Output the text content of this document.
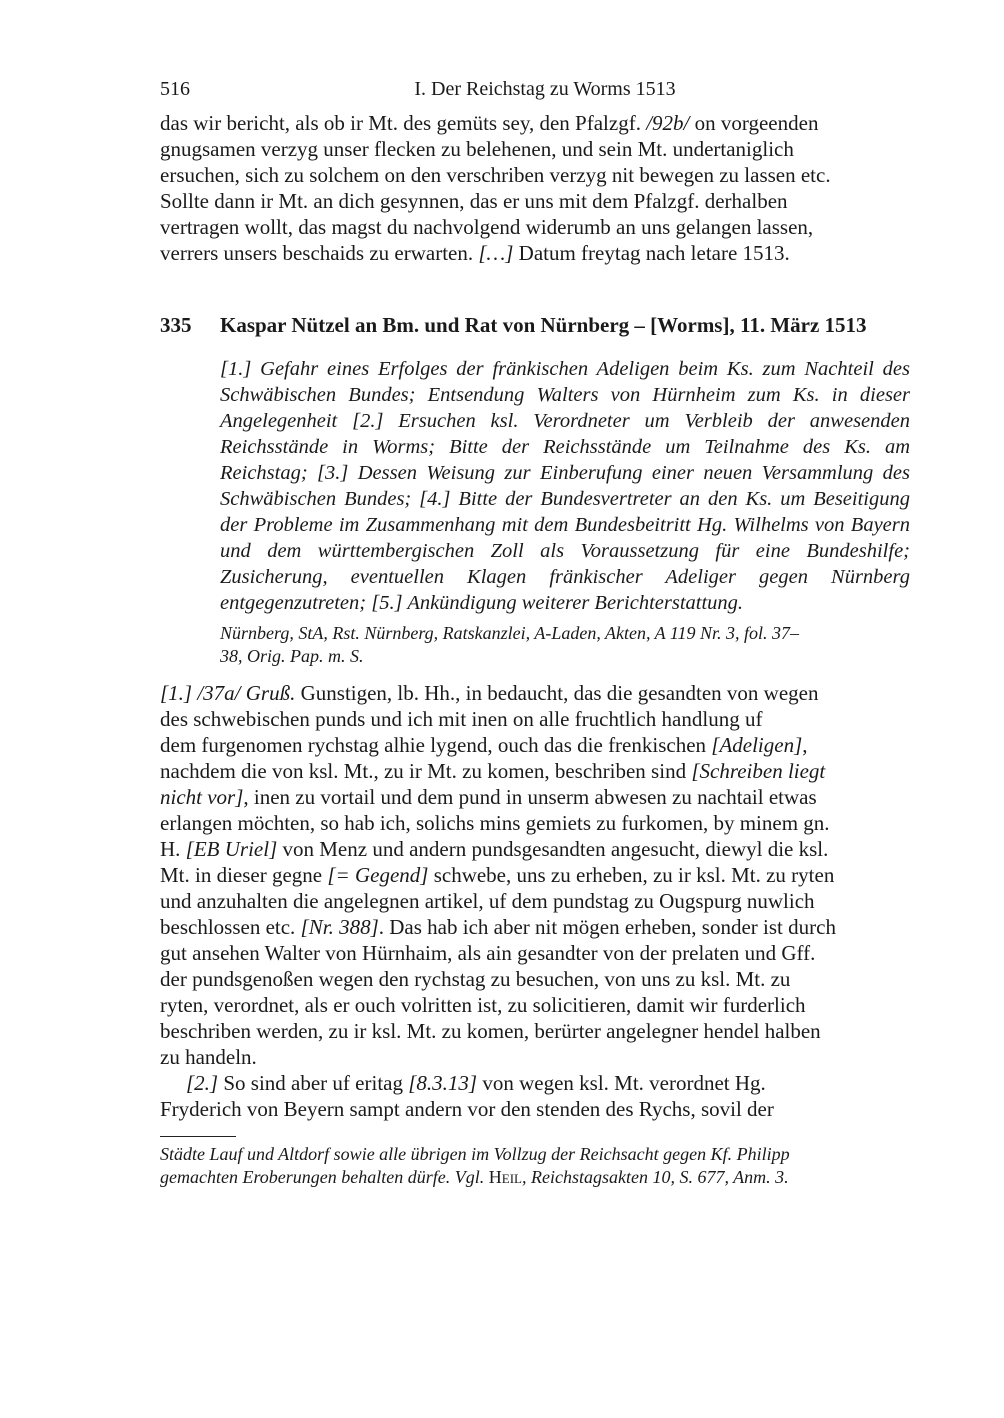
516	I. Der Reichstag zu Worms 1513

das wir bericht, als ob ir Mt. des gemüts sey, den Pfalzgf. /92b/ on vorgeenden
gnugsamen verzyg unser flecken zu belehenen, und sein Mt. undertaniglich
ersuchen, sich zu solchem on den verschriben verzyg nit bewegen zu lassen etc.
Sollte dann ir Mt. an dich gesynnen, das er uns mit dem Pfalzgf. derhalben
vertragen wollt, das magst du nachvolgend widerumb an uns gelangen lassen,
verrers unsers beschaids zu erwarten. […] Datum freytag nach letare 1513.

335	Kaspar Nützel an Bm. und Rat von Nürnberg – [Worms], 11. März 1513
[1.] Gefahr eines Erfolges der fränkischen Adeligen beim Ks. zum Nachteil des Schwäbischen Bundes; Entsendung Walters von Hürnheim zum Ks. in dieser Angelegenheit [2.] Ersuchen ksl. Verordneter um Verbleib der anwesenden Reichsstände in Worms; Bitte der Reichsstände um Teilnahme des Ks. am Reichstag; [3.] Dessen Weisung zur Einberufung einer neuen Versammlung des Schwäbischen Bundes; [4.] Bitte der Bundesvertreter an den Ks. um Beseitigung der Probleme im Zusammenhang mit dem Bundesbeitritt Hg. Wilhelms von Bayern und dem württembergischen Zoll als Voraussetzung für eine Bundeshilfe; Zusicherung, eventuellen Klagen fränkischer Adeliger gegen Nürnberg entgegenzutreten; [5.] Ankündigung weiterer Berichterstattung.
Nürnberg, StA, Rst. Nürnberg, Ratskanzlei, A-Laden, Akten, A 119 Nr. 3, fol. 37–
38, Orig. Pap. m. S.

[1.] /37a/ Gruß. Gunstigen, lb. Hh., in bedaucht, das die gesandten von wegen
des schwebischen punds und ich mit inen on alle fruchtlich handlung uf
dem furgenomen rychstag alhie lygend, ouch das die frenkischen [Adeligen],
nachdem die von ksl. Mt., zu ir Mt. zu komen, beschriben sind [Schreiben liegt
nicht vor], inen zu vortail und dem pund in unserm abwesen zu nachtail etwas
erlangen möchten, so hab ich, solichs mins gemiets zu furkomen, by minem gn.
H. [EB Uriel] von Menz und andern pundsgesandten angesucht, diewyl die ksl.
Mt. in dieser gegne [= Gegend] schwebe, uns zu erheben, zu ir ksl. Mt. zu ryten
und anzuhalten die angelegnen artikel, uf dem pundstag zu Ougspurg nuwlich
beschlossen etc. [Nr. 388]. Das hab ich aber nit mögen erheben, sonder ist durch
gut ansehen Walter von Hürnhaim, als ain gesandter von der prelaten und Gff.
der pundsgenoßen wegen den rychstag zu besuchen, von uns zu ksl. Mt. zu
ryten, verordnet, als er ouch volritten ist, zu solicitieren, damit wir furderlich
beschriben werden, zu ir ksl. Mt. zu komen, berürter angelegner hendel halben
zu handeln.

[2.] So sind aber uf eritag [8.3.13] von wegen ksl. Mt. verordnet Hg.
Fryderich von Beyern sampt andern vor den stenden des Rychs, sovil der

Städte Lauf und Altdorf sowie alle übrigen im Vollzug der Reichsacht gegen Kf. Philipp
gemachten Eroberungen behalten dürfe. Vgl. Heil, Reichstagsakten 10, S. 677, Anm. 3.
